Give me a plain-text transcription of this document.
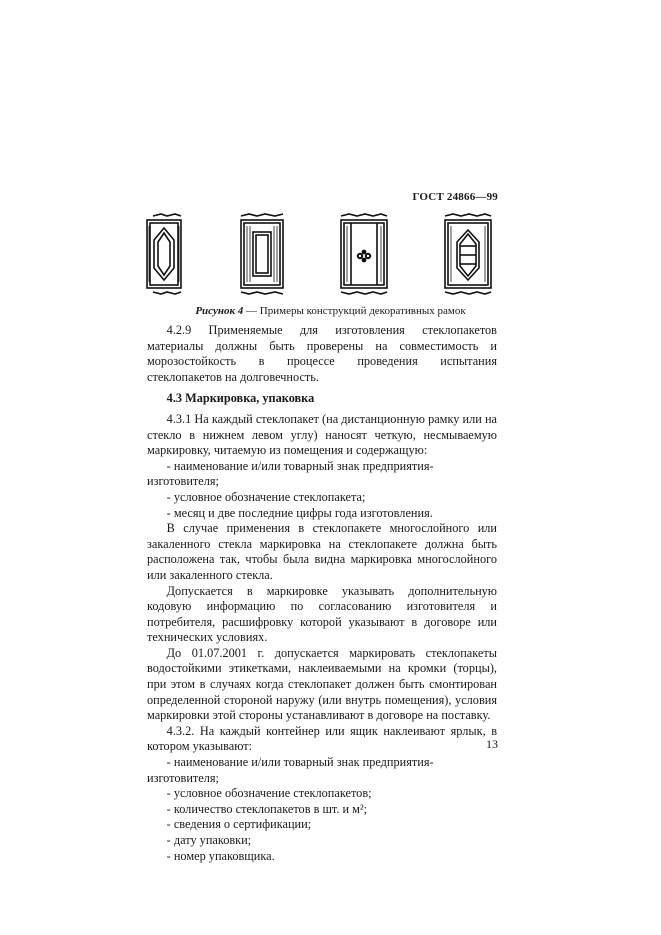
ГОСТ 24866—99
Рисунок 4 — Примеры конструкций декоративных рамок

4.2.9 Применяемые для изготовления стеклопакетов материалы должны быть проверены на совместимость и морозостойкость в процессе проведения испытания стеклопакетов на долговечность.

4.3 Маркировка, упаковка

4.3.1 На каждый стеклопакет (на дистанционную рамку или на стекло в нижнем левом углу) наносят четкую, несмываемую маркировку, читаемую из помещения и содержащую:

- наименование и/или товарный знак предприятия-изготовителя;

- условное обозначение стеклопакета;

- месяц и две последние цифры года изготовления.

В случае применения в стеклопакете многослойного или закаленного стекла маркировка на стеклопакете должна быть расположена так, чтобы была видна маркировка многослойного или закаленного стекла.

Допускается в маркировке указывать дополнительную кодовую информацию по согласованию изготовителя и потребителя, расшифровку которой указывают в договоре или технических условиях.

До 01.07.2001 г. допускается маркировать стеклопакеты водостойкими этикетками, наклеиваемыми на кромки (торцы), при этом в случаях когда стеклопакет должен быть смонтирован определенной стороной наружу (или внутрь помещения), условия маркировки этой стороны устанавливают в договоре на поставку.

4.3.2. На каждый контейнер или ящик наклеивают ярлык, в котором указывают:

- наименование и/или товарный знак предприятия-изготовителя;

- условное обозначение стеклопакетов;

- количество стеклопакетов в шт. и м²;

- сведения о сертификации;

- дату упаковки;

- номер упаковщика.

13
